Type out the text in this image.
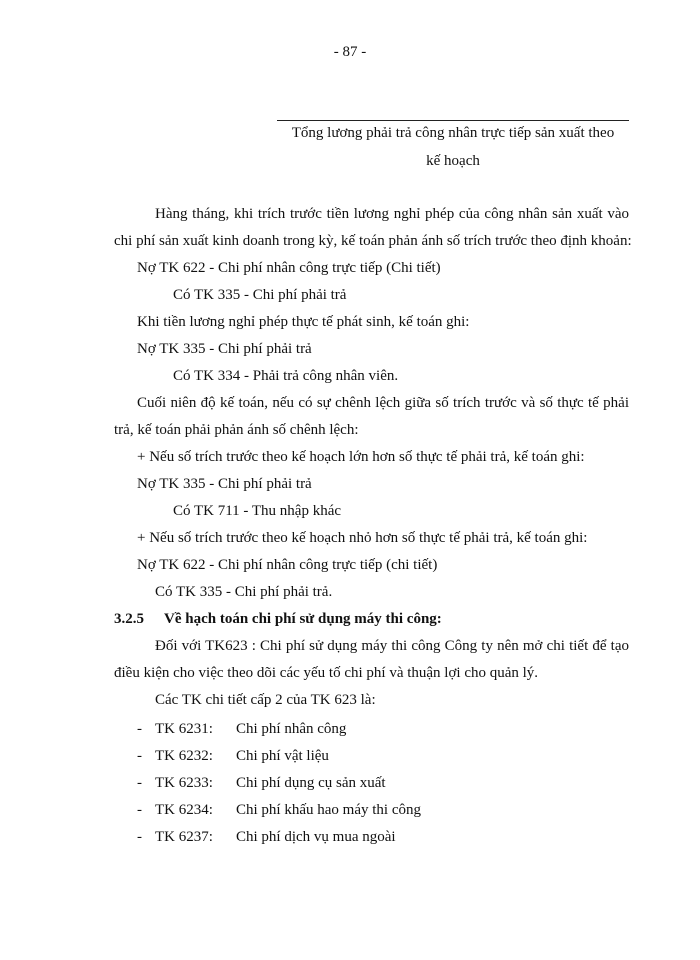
- 87 -
Tổng lương phải trả công nhân trực tiếp sản xuất theo
kế hoạch
Hàng tháng, khi trích trước tiền lương nghỉ phép của công nhân sản xuất vào
chi phí sản xuất kinh doanh trong kỳ, kế toán phản ánh số trích trước theo định khoản:
Nợ TK 622 - Chi phí nhân công trực tiếp (Chi tiết)
Có TK 335 - Chi phí phải trả
Khi tiền lương nghỉ phép thực tế phát sinh, kế toán ghi:
Nợ TK 335 - Chi phí phải trả
Có TK 334 - Phải trả công nhân viên.
Cuối niên độ kế toán, nếu có sự chênh lệch giữa số trích trước và số thực tế phải
trả, kế toán phải phản ánh số chênh lệch:
+ Nếu số trích trước theo kế hoạch lớn hơn số thực tế phải trả, kế toán ghi:
Nợ TK 335 - Chi phí phải trả
Có TK 711 - Thu nhập khác
+ Nếu số trích trước theo kế hoạch nhỏ hơn số thực tế phải trả, kế toán ghi:
Nợ TK 622 - Chi phí nhân công trực tiếp (chi tiết)
Có TK 335 - Chi phí phải trả.
3.2.5 Về hạch toán chi phí sử dụng máy thi công:
Đối với TK623 : Chi phí sử dụng máy thi công Công ty nên mở chi tiết để tạo
điều kiện cho việc theo dõi các yếu tố chi phí và thuận lợi cho quản lý.
Các TK chi tiết cấp 2 của TK 623 là:
- TK 6231: Chi phí nhân công
- TK 6232: Chi phí vật liệu
- TK 6233: Chi phí dụng cụ sản xuất
- TK 6234: Chi phí khấu hao máy thi công
- TK 6237: Chi phí dịch vụ mua ngoài
